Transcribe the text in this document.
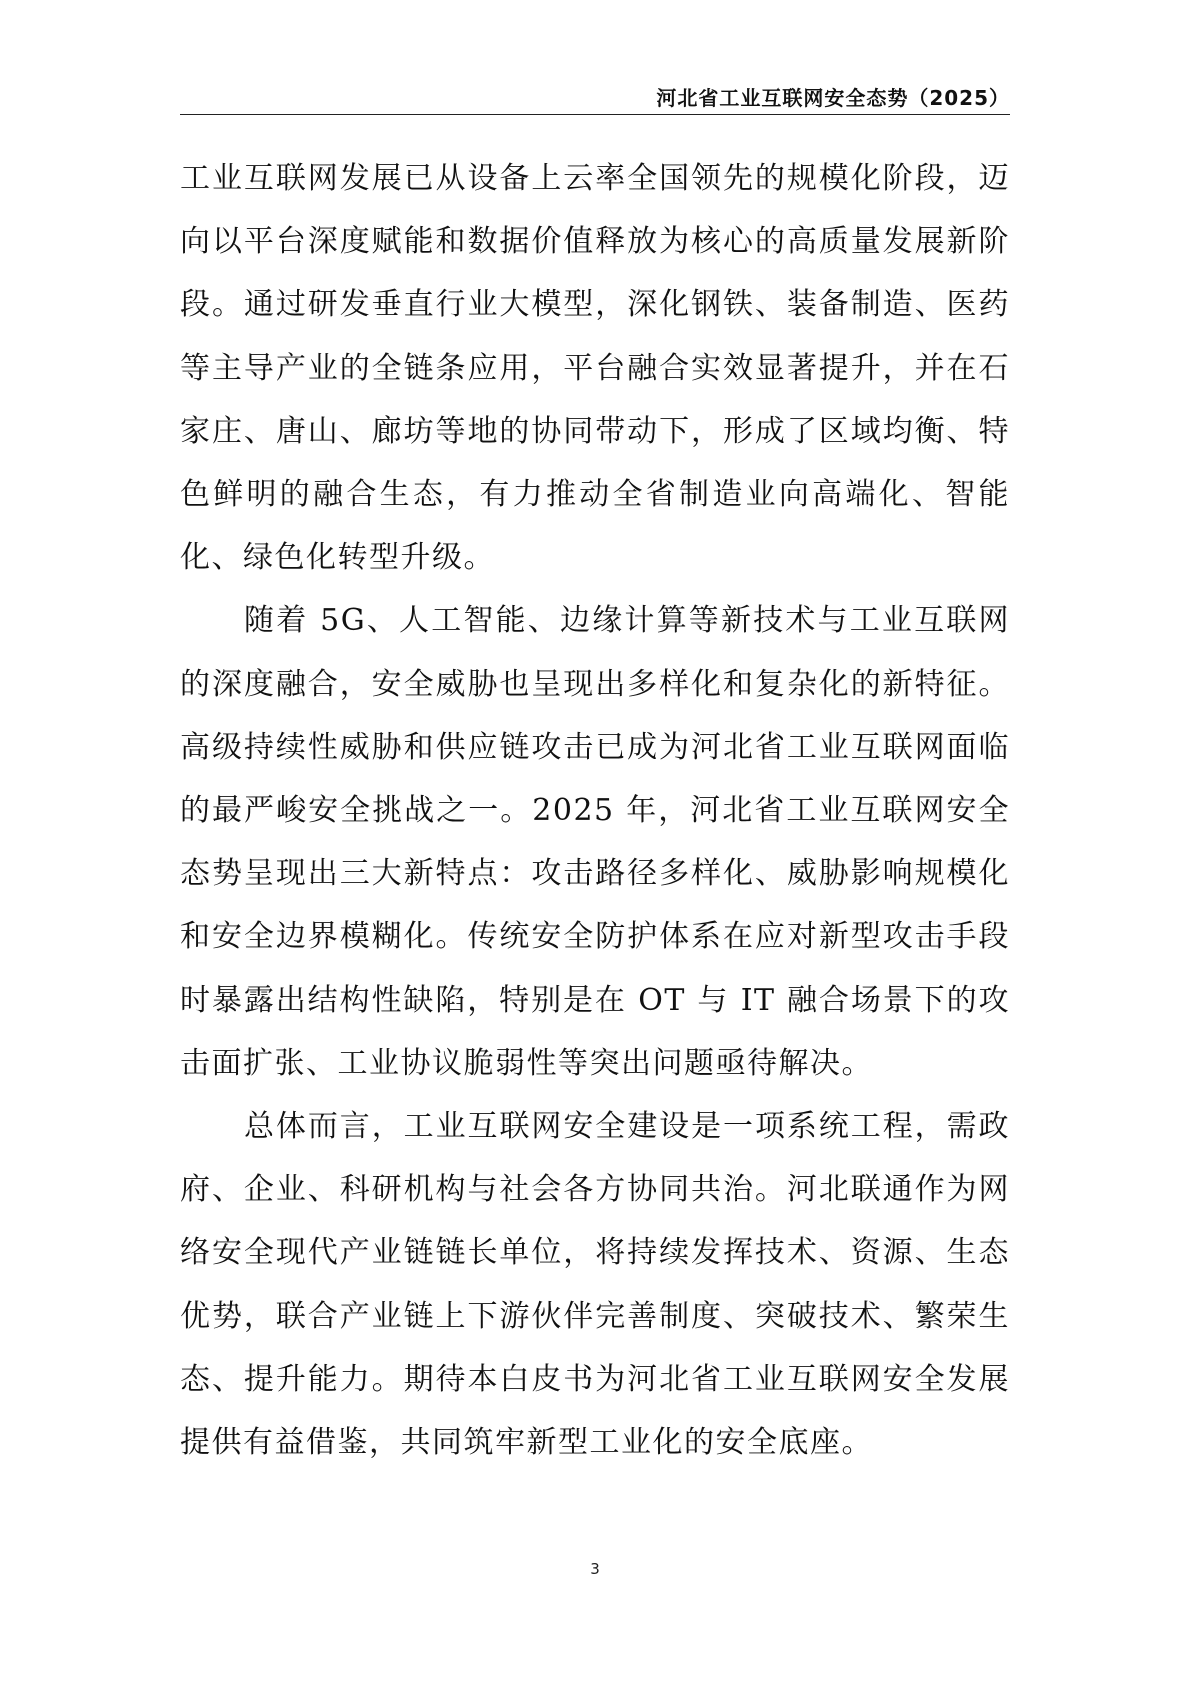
河北省工业互联网安全态势（2025）

工业互联网发展已从设备上云率全国领先的规模化阶段，迈向以平台深度赋能和数据价值释放为核心的高质量发展新阶段。通过研发垂直行业大模型，深化钢铁、装备制造、医药等主导产业的全链条应用，平台融合实效显著提升，并在石家庄、唐山、廊坊等地的协同带动下，形成了区域均衡、特色鲜明的融合生态，有力推动全省制造业向高端化、智能化、绿色化转型升级。

随着 5G、人工智能、边缘计算等新技术与工业互联网的深度融合，安全威胁也呈现出多样化和复杂化的新特征。高级持续性威胁和供应链攻击已成为河北省工业互联网面临的最严峻安全挑战之一。2025 年，河北省工业互联网安全态势呈现出三大新特点：攻击路径多样化、威胁影响规模化和安全边界模糊化。传统安全防护体系在应对新型攻击手段时暴露出结构性缺陷，特别是在 OT 与 IT 融合场景下的攻击面扩张、工业协议脆弱性等突出问题亟待解决。

总体而言，工业互联网安全建设是一项系统工程，需政府、企业、科研机构与社会各方协同共治。河北联通作为网络安全现代产业链链长单位，将持续发挥技术、资源、生态优势，联合产业链上下游伙伴完善制度、突破技术、繁荣生态、提升能力。期待本白皮书为河北省工业互联网安全发展提供有益借鉴，共同筑牢新型工业化的安全底座。

3
